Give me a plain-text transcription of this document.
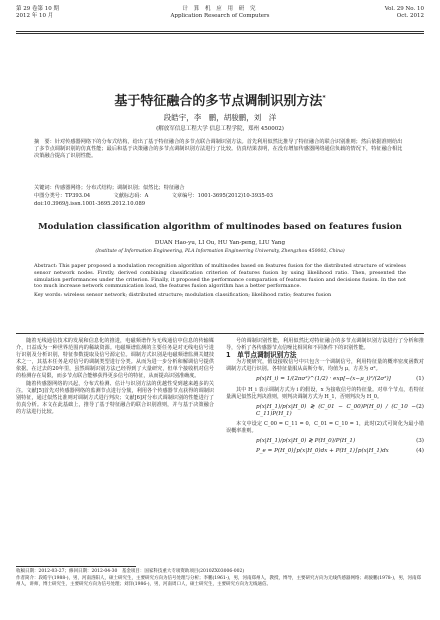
第 29 卷第 10 期
2012 年 10 月
计 算 机 应 用 研 究
Application Research of Computers
Vol. 29 No. 10
Oct. 2012
基于特征融合的多节点调制识别方法*
段皓宇，李　鹏，胡骏鹏，刘　洋
(解放军信息工程大学 信息工程学院，郑州 450002)
摘　要：针对传感器网络下的分布式结构，给出了基于特征融合的多节点联合调制识别方法。首先利用似然比推导了特征融合的联合识别准则；然后依据准则给出了多节点调制识别的仿真性能；最后和基于决策融合的多节点调制识别方法进行了比较。仿真结果表明，在没有增加传感器网络通信负载的情况下，特征融合相比决策融合提高了识别性能。
关键词：传感器网络；分布式结构；调制识别；似然比；特征融合
中图分类号：TP393.04	文献标志码：A	文章编号：1001-3695(2012)10-3935-03
doi:10.3969/j.issn.1001-3695.2012.10.089
Modulation classification algorithm of multinodes based on features fusion
DUAN Hao-yu, LI Ou, HU Yan-peng, LIU Yang
(Institute of Information Engineering, PLA Information Engineering University, Zhengzhou 450002, China)
Abstract: This paper proposed a modulation recognition algorithm of multinodes based on features fusion for the distributed structure of wireless sensor network nodes. Firstly, derived combining classification criterion of features fusion by using likelihood ratio. Then, presented the simulation performances under the criterion. Finally, it proposed the performance comparation of features fusion and decisions fusion. In the not too much increase network communication load, the features fusion algorithm has a better performance.
Key words: wireless sensor network; distributed structure; modulation classification; likelihood ratio; features fusion

随着无线通信技术的发展和信息化的推进，电磁频谱作为无线通信中信息的传输媒介，日益成为一种世界范围内的稀缺资源。电磁频谱监测的主要任务是对无线电信号进行识别及分析识别，特征参数提取及信号源定位。调制方式识别是电磁频谱监测关键技术之一，其基本任务是对信号的调制类型进行分类。从而为进一步分析和解调信号提供依据。在过去的20年里，虽然调制识别方法已经得到了大量研究，但单个接收机对信号的检测存在局限，而多节点联合能够获得更多信号的特征，从而提高识别准确度。

随着传感器网络的兴起，分布式检测、估计与识别方法的优越性受到越来越多的关注。文献[5]首先对传感器网络的监测节点进行分簇，利用各个传感器节点获得的调制识别特征，通过似然比准则对调制方式进行判决；文献[6]对分布式调制识别的性能进行了仿真分析。本文在此基础上，推导了基于特征融合的联合识别准则，并与基于决策融合的方法进行比较。

号的调制识别性能，利用似然比对特征融合的多节点调制识别方法进行了分析和推导，分析了各传感器节点信噪比相同和不同条件下的识别性能。

1　单节点调制识别方法

为方便研究，假设接收信号中只包含一个调制信号，利用特征量的概率密度函数对调制方式进行识别。各特征量服从高斯分布，均值为 μ，方差为 σ²。

p(x|H_i) = 1/(2πσ²)^(1/2) · exp[−(x−μ_i)²/(2σ²)]	(1)

其中 H_i 表示调制方式为 i 的假设，x 为接收信号的特征量。对单个节点，若特征量满足似然比判决准则，则判决调制方式为 H_1，否则判决为 H_0。

p(x|H_1)/p(x|H_0) ≷ (C_01 − C_00)P(H_0) / (C_10 − C_11)P(H_1)
(2)

本文中设定 C_00 = C_11 = 0，C_01 = C_10 = 1，此时(2)式可简化为最小错误概率准则。

p(x|H_1)/p(x|H_0) ≷ P(H_0)/P(H_1)	(3)
P_e = P(H_0)∫p(x|H_0)dx + P(H_1)∫p(x|H_1)dx	(4)
收稿日期：2012-03-27；修回日期：2012-04-30　基金项目：国家科技重大专项资助项目(2010ZX03006-002)
作者简介：段皓宇(1988-)，男，河南洛阳人，硕士研究生，主要研究方向为信号处理与分析；李鹏(1961-)，男，河南郑州人，教授，博导，主要研究方向为无线传感器网络；胡骏鹏(1978-)，男，河南郑州人，讲师，博士研究生，主要研究方向为信号处理；刘洋(1986-)，男，河南周口人，硕士研究生，主要研究方向为无线通信。
